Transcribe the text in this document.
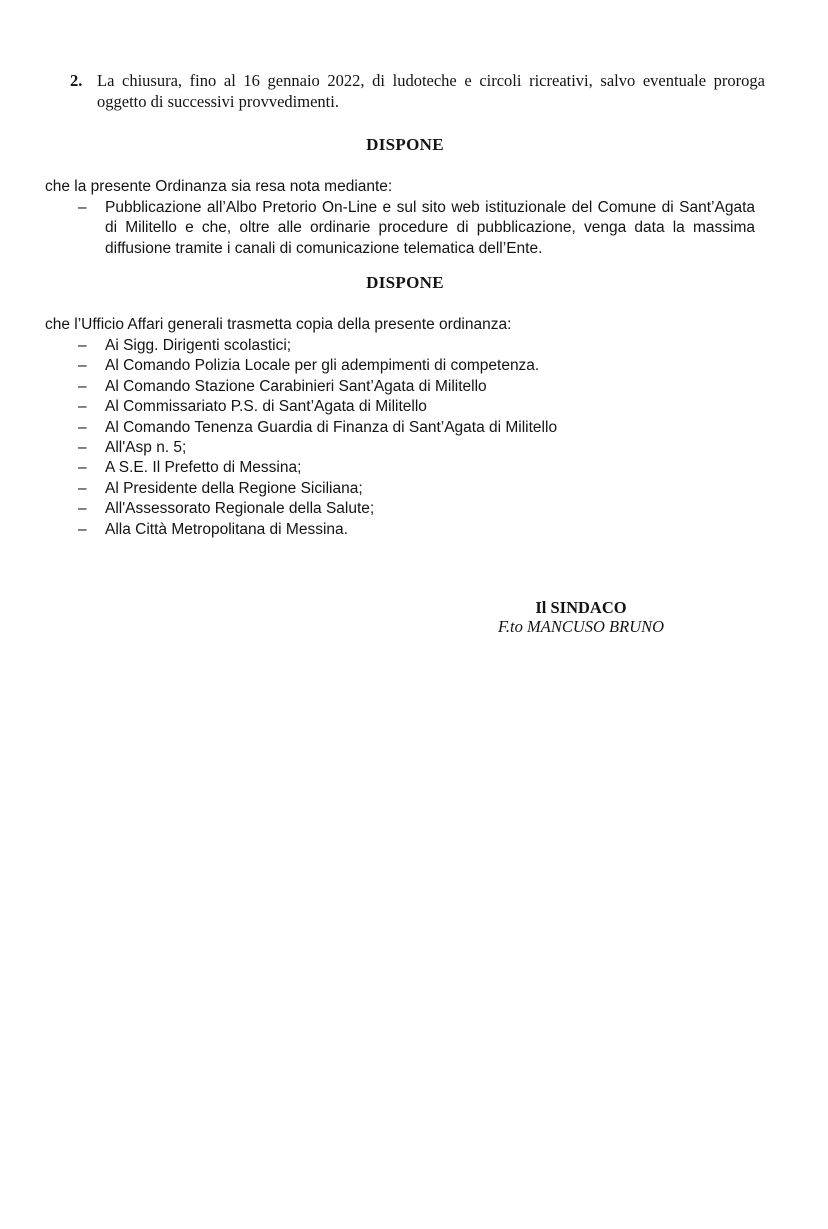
2. La chiusura, fino al 16 gennaio 2022, di ludoteche e circoli ricreativi, salvo eventuale proroga oggetto di successivi provvedimenti.
DISPONE
che la presente Ordinanza sia resa nota mediante:
–	Pubblicazione all’Albo Pretorio On-Line e sul sito web istituzionale del Comune di Sant’Agata di Militello e che, oltre alle ordinarie procedure di pubblicazione, venga data la massima diffusione tramite i canali di comunicazione telematica dell’Ente.
DISPONE
che l’Ufficio Affari generali trasmetta copia della presente ordinanza:
–	Ai Sigg. Dirigenti scolastici;
–	Al Comando Polizia Locale per gli adempimenti di competenza.
–	Al Comando Stazione Carabinieri Sant’Agata di Militello
–	Al Commissariato P.S. di Sant’Agata di Militello
–	Al Comando Tenenza Guardia di Finanza di Sant’Agata di Militello
–	All'Asp n. 5;
–	A S.E. Il Prefetto di Messina;
–	Al Presidente della Regione Siciliana;
–	All'Assessorato Regionale della Salute;
–	Alla Città Metropolitana di Messina.
Il SINDACO
F.to MANCUSO BRUNO
